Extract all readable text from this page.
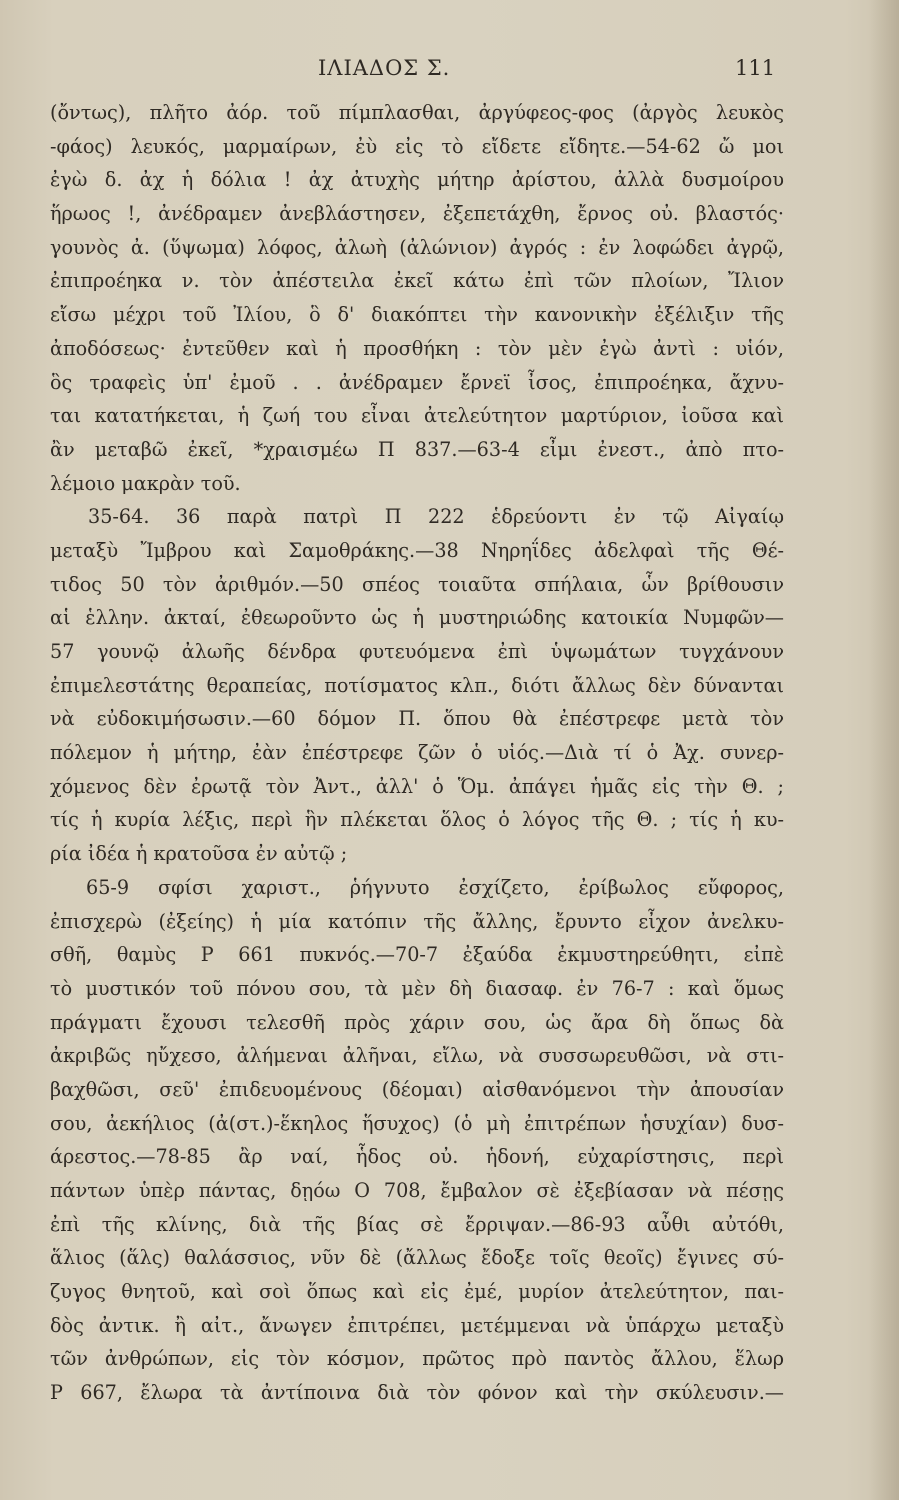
ΙΛΙΑΔΟΣ Σ.	111
(ὄντως), πλῆτο ἀόρ. τοῦ πίμπλασθαι, ἀργύφεος-φος (ἀργὸς λευκὸς
-φάος) λευκός, μαρμαίρων, ἐὺ εἰς τὸ εἴδετε εἴδητε.—54-62 ὤ μοι
ἐγὼ δ. ἀχ ἡ δόλια ! ἀχ ἀτυχὴς μήτηρ ἀρίστου, ἀλλὰ δυσμοίρου
ἥρωος !, ἀνέδραμεν ἀνεβλάστησεν, ἐξεπετάχθη, ἔρνος οὐ. βλαστός·
γουνὸς ἀ. (ὕψωμα) λόφος, ἀλωὴ (ἀλώνιον) ἀγρός : ἐν λοφώδει ἀγρῷ,
ἐπιπροέηκα ν. τὸν ἀπέστειλα ἐκεῖ κάτω ἐπὶ τῶν πλοίων, Ἴλιον
εἴσω μέχρι τοῦ Ἰλίου, ὃ δ' διακόπτει τὴν κανονικὴν ἐξέλιξιν τῆς
ἀποδόσεως· ἐντεῦθεν καὶ ἡ προσθήκη : τὸν μὲν ἐγὼ ἀντὶ : υἱόν,
ὃς τραφεὶς ὑπ' ἐμοῦ . . ἀνέδραμεν ἔρνεϊ ἶσος, ἐπιπροέηκα, ἄχνυ-
ται κατατήκεται, ἡ ζωή του εἶναι ἀτελεύτητον μαρτύριον, ἰοῦσα καὶ
ἂν μεταβῶ ἐκεῖ, *χραισμέω Π 837.—63-4 εἶμι ἐνεστ., ἀπὸ πτο-
λέμοιο μακρὰν τοῦ.
35-64. 36 παρὰ πατρὶ Π 222 ἑδρεύοντι ἐν τῷ Αἰγαίῳ
μεταξὺ Ἴμβρου καὶ Σαμοθράκης.—38 Νηρηΐδες ἀδελφαὶ τῆς Θέ-
τιδος 50 τὸν ἀριθμόν.—50 σπέος τοιαῦτα σπήλαια, ὧν βρίθουσιν
αἱ ἑλλην. ἀκταί, ἐθεωροῦντο ὡς ἡ μυστηριώδης κατοικία Νυμφῶν—
57 γουνῷ ἀλωῆς δένδρα φυτευόμενα ἐπὶ ὑψωμάτων τυγχάνουν
ἐπιμελεστάτης θεραπείας, ποτίσματος κλπ., διότι ἄλλως δὲν δύνανται
νὰ εὐδοκιμήσωσιν.—60 δόμον Π. ὅπου θὰ ἐπέστρεφε μετὰ τὸν
πόλεμον ἡ μήτηρ, ἐὰν ἐπέστρεφε ζῶν ὁ υἱός.—Διὰ τί ὁ Ἀχ. συνερ-
χόμενος δὲν ἐρωτᾷ τὸν Ἀντ., ἀλλ' ὁ Ὅμ. ἀπάγει ἡμᾶς εἰς τὴν Θ. ;
τίς ἡ κυρία λέξις, περὶ ἣν πλέκεται ὅλος ὁ λόγος τῆς Θ. ; τίς ἡ κυ-
ρία ἰδέα ἡ κρατοῦσα ἐν αὐτῷ ;
65-9 σφίσι χαριστ., ῥήγνυτο ἐσχίζετο, ἐρίβωλος εὔφορος,
ἐπισχερὼ (ἐξείης) ἡ μία κατόπιν τῆς ἄλλης, ἔρυντο εἶχον ἀνελκυ-
σθῆ, θαμὺς Ρ 661 πυκνός.—70-7 ἐξαύδα ἐκμυστηρεύθητι, εἰπὲ
τὸ μυστικόν τοῦ πόνου σου, τὰ μὲν δὴ διασαφ. ἐν 76-7 : καὶ ὅμως
πράγματι ἔχουσι τελεσθῆ πρὸς χάριν σου, ὡς ἄρα δὴ ὅπως δὰ
ἀκριβῶς ηὔχεσο, ἀλήμεναι ἀλῆναι, εἴλω, νὰ συσσωρευθῶσι, νὰ στι-
βαχθῶσι, σεῦ' ἐπιδευομένους (δέομαι) αἰσθανόμενοι τὴν ἀπουσίαν
σου, ἀεκήλιος (ἀ(στ.)-ἕκηλος ἥσυχος) (ὁ μὴ ἐπιτρέπων ἡσυχίαν) δυσ-
άρεστος.—78-85 ἂρ ναί, ἧδος οὐ. ἡδονή, εὐχαρίστησις, περὶ
πάντων ὑπὲρ πάντας, δῃόω Ο 708, ἔμβαλον σὲ ἐξεβίασαν νὰ πέσῃς
ἐπὶ τῆς κλίνης, διὰ τῆς βίας σὲ ἔρριψαν.—86-93 αὖθι αὐτόθι,
ἅλιος (ἅλς) θαλάσσιος, νῦν δὲ (ἄλλως ἔδοξε τοῖς θεοῖς) ἔγινες σύ-
ζυγος θνητοῦ, καὶ σοὶ ὅπως καὶ εἰς ἐμέ, μυρίον ἀτελεύτητον, παι-
δὸς ἀντικ. ἢ αἰτ., ἄνωγεν ἐπιτρέπει, μετέμμεναι νὰ ὑπάρχω μεταξὺ
τῶν ἀνθρώπων, εἰς τὸν κόσμον, πρῶτος πρὸ παντὸς ἄλλου, ἕλωρ
Ρ 667, ἔλωρα τὰ ἀντίποινα διὰ τὸν φόνον καὶ τὴν σκύλευσιν.—
